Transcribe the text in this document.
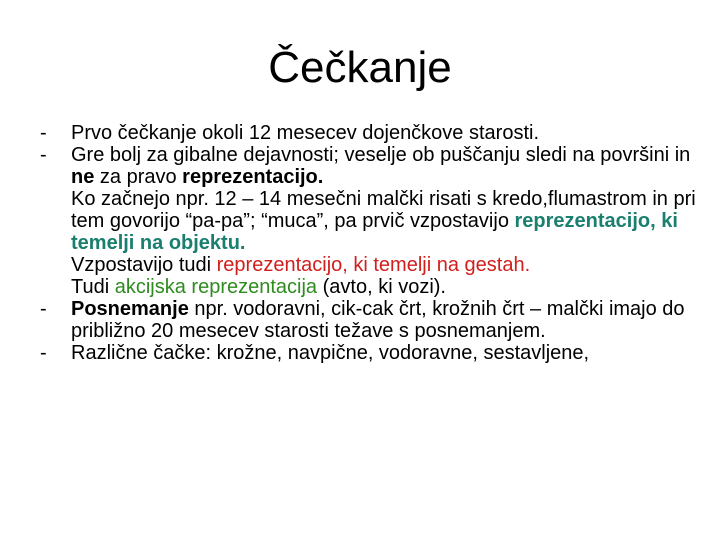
Čečkanje
- Prvo čečkanje okoli 12 mesecev dojenčkove starosti.
- Gre bolj za gibalne dejavnosti; veselje ob puščanju sledi na površini in ne za pravo reprezentacijo.
Ko začnejo npr. 12 – 14 mesečni malčki risati s kredo,flumastrom in pri tem govorijo “pa-pa”; “muca”, pa prvič vzpostavijo reprezentacijo, ki temelji na objektu.
Vzpostavijo tudi reprezentacijo, ki temelji na gestah.
Tudi akcijska reprezentacija (avto, ki vozi).
- Posnemanje npr. vodoravni, cik-cak črt, krožnih črt – malčki imajo do približno 20 mesecev starosti težave s posnemanjem.
- Različne čačke: krožne, navpične, vodoravne, sestavljene,
